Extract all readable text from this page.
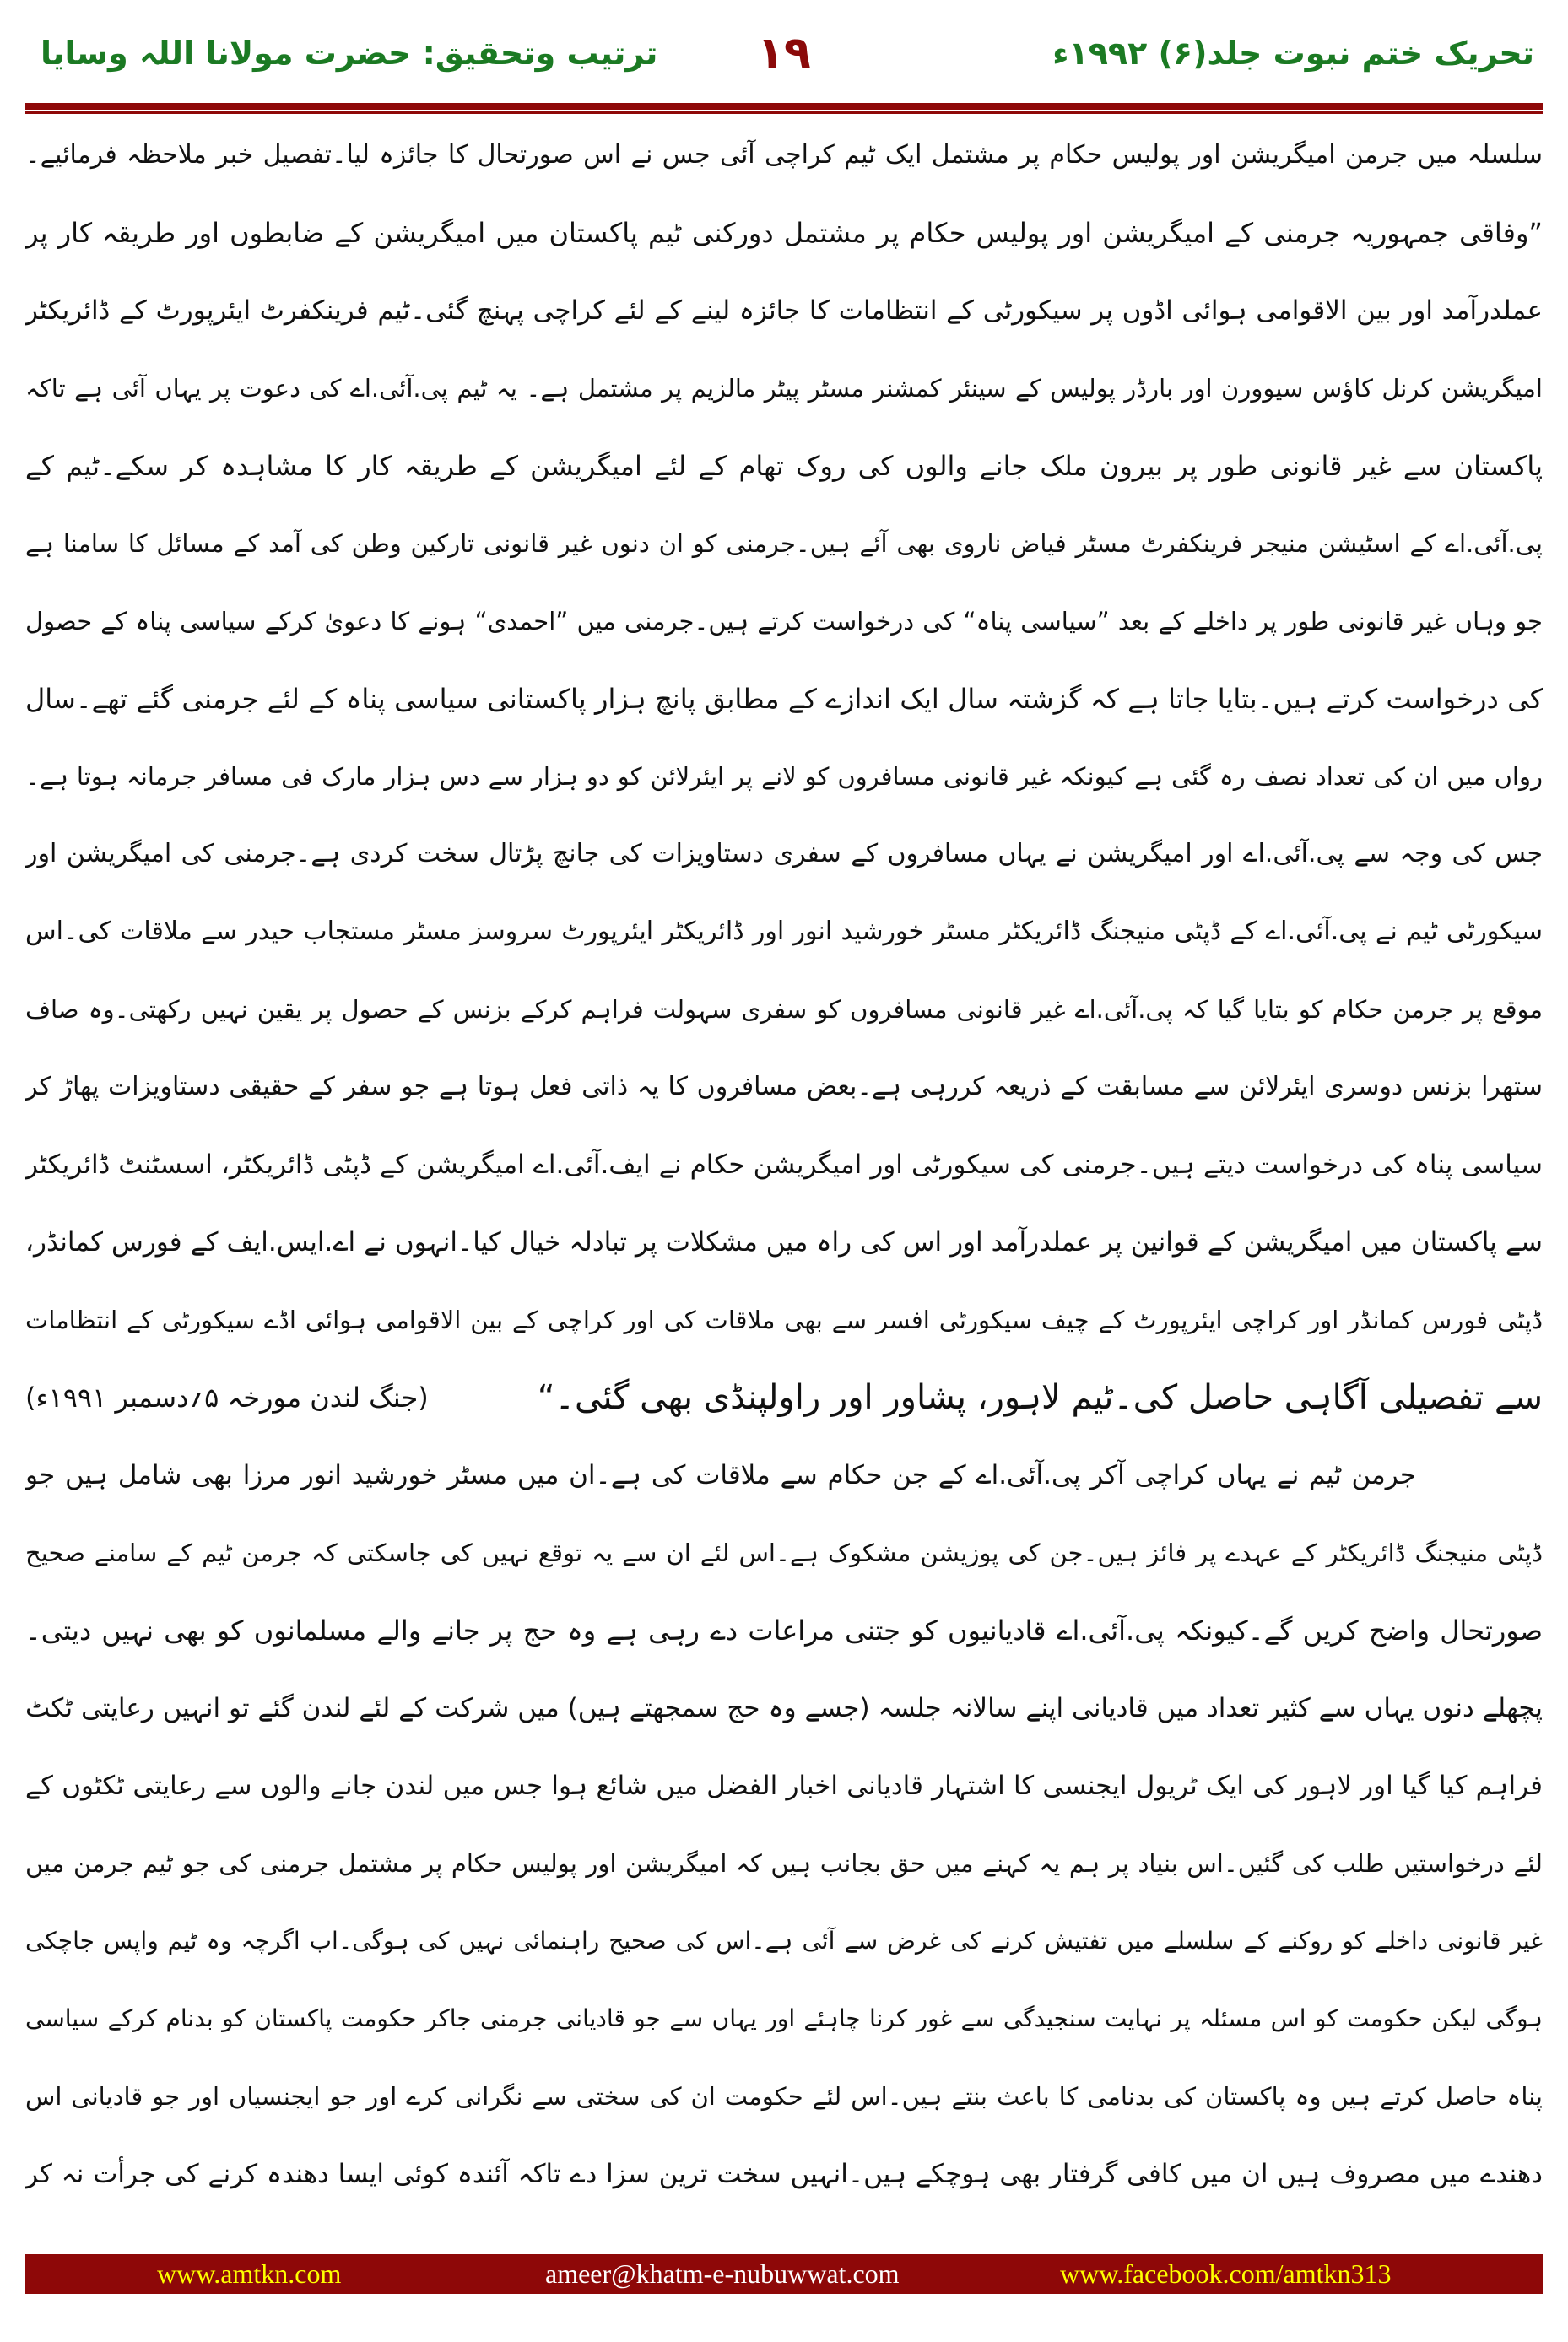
تحریک ختم نبوت جلد(۶) ۱۹۹۲ء
۱۹
ترتیب وتحقیق: حضرت مولانا اللہ وسایا
سلسلہ میں جرمن امیگریشن اور پولیس حکام پر مشتمل ایک ٹیم کراچی آئی جس نے اس صورتحال کا جائزہ لیا۔تفصیل خبر ملاحظہ فرمائیے۔
”وفاقی جمہوریہ جرمنی کے امیگریشن اور پولیس حکام پر مشتمل دورکنی ٹیم پاکستان میں امیگریشن کے ضابطوں اور طریقہ کار پر
عملدرآمد اور بین الاقوامی ہوائی اڈوں پر سیکورٹی کے انتظامات کا جائزہ لینے کے لئے کراچی پہنچ گئی۔ٹیم فرینکفرٹ ایئرپورٹ کے ڈائریکٹر
امیگریشن کرنل کاؤس سیوورن اور بارڈر پولیس کے سینئر کمشنر مسٹر پیٹر مالزیم پر مشتمل ہے۔ یہ ٹیم پی.آئی.اے کی دعوت پر یہاں آئی ہے تاکہ
پاکستان سے غیر قانونی طور پر بیرون ملک جانے والوں کی روک تھام کے لئے امیگریشن کے طریقہ کار کا مشاہدہ کر سکے۔ٹیم کے
پی.آئی.اے کے اسٹیشن منیجر فرینکفرٹ مسٹر فیاض ناروی بھی آئے ہیں۔جرمنی کو ان دنوں غیر قانونی تارکین وطن کی آمد کے مسائل کا سامنا ہے
جو وہاں غیر قانونی طور پر داخلے کے بعد ”سیاسی پناہ“ کی درخواست کرتے ہیں۔جرمنی میں ”احمدی“ ہونے کا دعویٰ کرکے سیاسی پناہ کے حصول
کی درخواست کرتے ہیں۔بتایا جاتا ہے کہ گزشتہ سال ایک اندازے کے مطابق پانچ ہزار پاکستانی سیاسی پناہ کے لئے جرمنی گئے تھے۔سال
رواں میں ان کی تعداد نصف رہ گئی ہے کیونکہ غیر قانونی مسافروں کو لانے پر ایئرلائن کو دو ہزار سے دس ہزار مارک فی مسافر جرمانہ ہوتا ہے۔
جس کی وجہ سے پی.آئی.اے اور امیگریشن نے یہاں مسافروں کے سفری دستاویزات کی جانچ پڑتال سخت کردی ہے۔جرمنی کی امیگریشن اور
سیکورٹی ٹیم نے پی.آئی.اے کے ڈپٹی منیجنگ ڈائریکٹر مسٹر خورشید انور اور ڈائریکٹر ایئرپورٹ سروسز مسٹر مستجاب حیدر سے ملاقات کی۔اس
موقع پر جرمن حکام کو بتایا گیا کہ پی.آئی.اے غیر قانونی مسافروں کو سفری سہولت فراہم کرکے بزنس کے حصول پر یقین نہیں رکھتی۔وہ صاف
ستھرا بزنس دوسری ایئرلائن سے مسابقت کے ذریعہ کررہی ہے۔بعض مسافروں کا یہ ذاتی فعل ہوتا ہے جو سفر کے حقیقی دستاویزات پھاڑ کر
سیاسی پناہ کی درخواست دیتے ہیں۔جرمنی کی سیکورٹی اور امیگریشن حکام نے ایف.آئی.اے امیگریشن کے ڈپٹی ڈائریکٹر، اسسٹنٹ ڈائریکٹر
سے پاکستان میں امیگریشن کے قوانین پر عملدرآمد اور اس کی راہ میں مشکلات پر تبادلہ خیال کیا۔انہوں نے اے.ایس.ایف کے فورس کمانڈر،
ڈپٹی فورس کمانڈر اور کراچی ایئرپورٹ کے چیف سیکورٹی افسر سے بھی ملاقات کی اور کراچی کے بین الاقوامی ہوائی اڈے سیکورٹی کے انتظامات
سے تفصیلی آگاہی حاصل کی۔ٹیم لاہور، پشاور اور راولپنڈی بھی گئی۔“
(جنگ لندن مورخہ ۵؍دسمبر ۱۹۹۱ء)
جرمن ٹیم نے یہاں کراچی آکر پی.آئی.اے کے جن حکام سے ملاقات کی ہے۔ان میں مسٹر خورشید انور مرزا بھی شامل ہیں جو
ڈپٹی منیجنگ ڈائریکٹر کے عہدے پر فائز ہیں۔جن کی پوزیشن مشکوک ہے۔اس لئے ان سے یہ توقع نہیں کی جاسکتی کہ جرمن ٹیم کے سامنے صحیح
صورتحال واضح کریں گے۔کیونکہ پی.آئی.اے قادیانیوں کو جتنی مراعات دے رہی ہے وہ حج پر جانے والے مسلمانوں کو بھی نہیں دیتی۔
پچھلے دنوں یہاں سے کثیر تعداد میں قادیانی اپنے سالانہ جلسہ (جسے وہ حج سمجھتے ہیں) میں شرکت کے لئے لندن گئے تو انہیں رعایتی ٹکٹ
فراہم کیا گیا اور لاہور کی ایک ٹریول ایجنسی کا اشتہار قادیانی اخبار الفضل میں شائع ہوا جس میں لندن جانے والوں سے رعایتی ٹکٹوں کے
لئے درخواستیں طلب کی گئیں۔اس بنیاد پر ہم یہ کہنے میں حق بجانب ہیں کہ امیگریشن اور پولیس حکام پر مشتمل جرمنی کی جو ٹیم جرمن میں
غیر قانونی داخلے کو روکنے کے سلسلے میں تفتیش کرنے کی غرض سے آئی ہے۔اس کی صحیح راہنمائی نہیں کی ہوگی۔اب اگرچہ وہ ٹیم واپس جاچکی
ہوگی لیکن حکومت کو اس مسئلہ پر نہایت سنجیدگی سے غور کرنا چاہئے اور یہاں سے جو قادیانی جرمنی جاکر حکومت پاکستان کو بدنام کرکے سیاسی
پناہ حاصل کرتے ہیں وہ پاکستان کی بدنامی کا باعث بنتے ہیں۔اس لئے حکومت ان کی سختی سے نگرانی کرے اور جو ایجنسیاں اور جو قادیانی اس
دھندے میں مصروف ہیں ان میں کافی گرفتار بھی ہوچکے ہیں۔انہیں سخت ترین سزا دے تاکہ آئندہ کوئی ایسا دھندہ کرنے کی جرأت نہ کر
www.amtkn.com	ameer@khatm-e-nubuwwat.com	www.facebook.com/amtkn313
